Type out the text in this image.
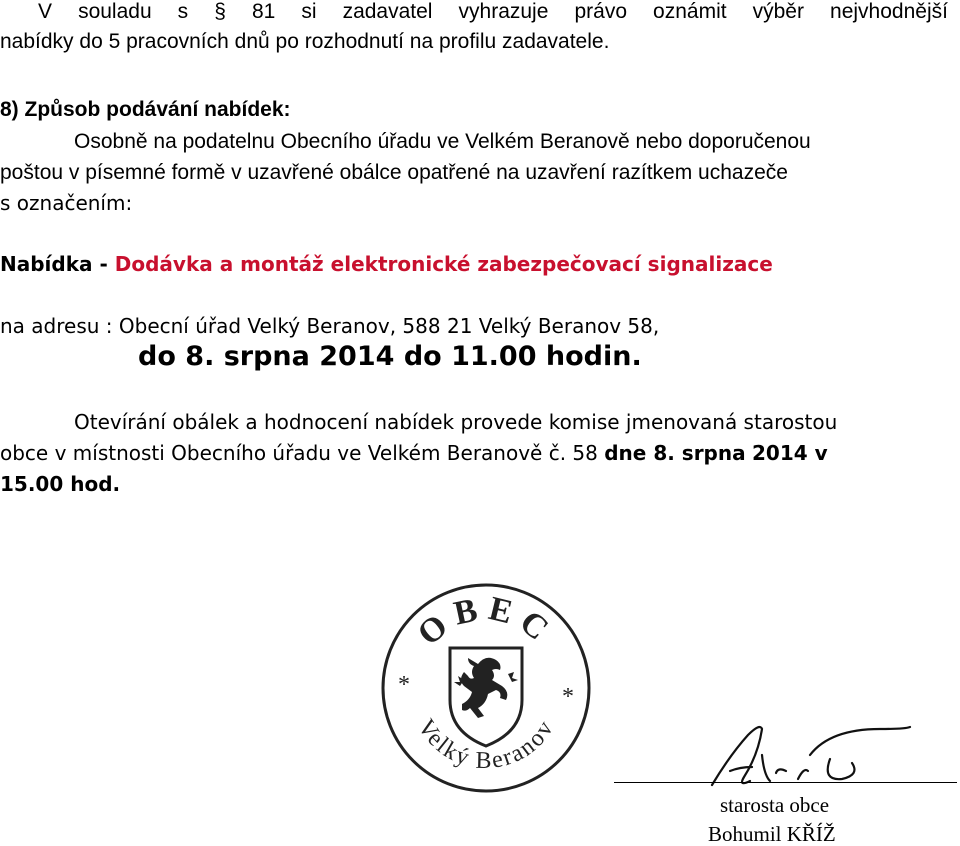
V souladu s § 81 si zadavatel vyhrazuje právo oznámit výběr nejvhodnější
nabídky do 5 pracovních dnů po rozhodnutí na profilu zadavatele.
8) Způsob podávání nabídek:
Osobně na podatelnu Obecního úřadu ve Velkém Beranově nebo doporučenou
poštou v písemné formě v uzavřené obálce opatřené na uzavření razítkem uchazeče
s označením:
Nabídka - Dodávka a montáž elektronické zabezpečovací signalizace
na adresu : Obecní úřad Velký Beranov, 588 21 Velký Beranov 58,
do 8. srpna 2014 do 11.00 hodin.
Otevírání obálek a hodnocení nabídek provede komise jmenovaná starostou
obce v místnosti Obecního úřadu ve Velkém Beranově č. 58 dne 8. srpna 2014 v
15.00 hod.
OBEC
Velký Beranov
*	*
starosta obce
Bohumil KŘÍŽ
